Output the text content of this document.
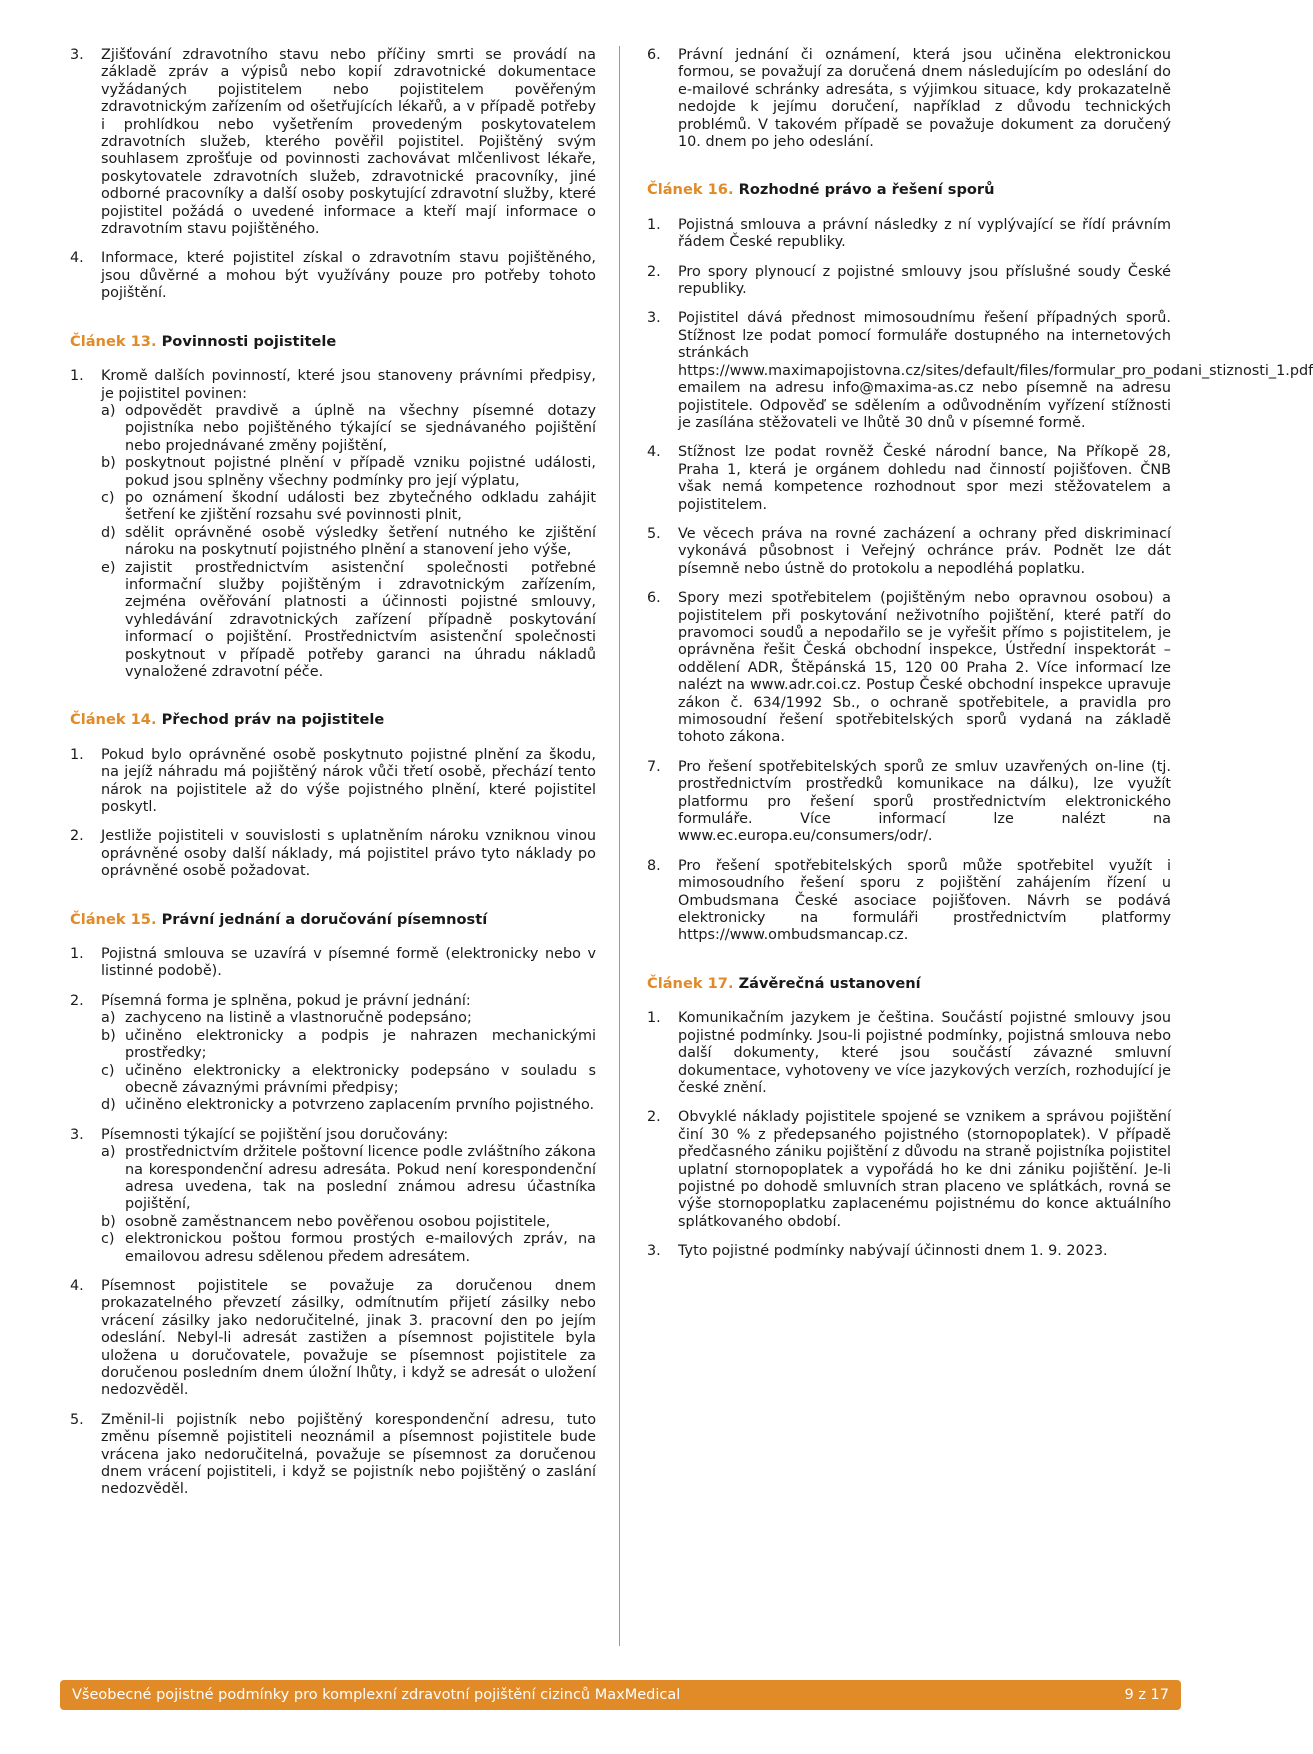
3. Zjišťování zdravotního stavu nebo příčiny smrti se provádí na základě zpráv a výpisů nebo kopií zdravotnické dokumentace vyžádaných pojistitelem nebo pojistitelem pověřeným zdravotnickým zařízením od ošetřujících lékařů, a v případě potřeby i prohlídkou nebo vyšetřením provedeným poskytovatelem zdravotních služeb, kterého pověřil pojistitel. Pojištěný svým souhlasem zprošťuje od povinnosti zachovávat mlčenlivost lékaře, poskytovatele zdravotních služeb, zdravotnické pracovníky, jiné odborné pracovníky a další osoby poskytující zdravotní služby, které pojistitel požádá o uvedené informace a kteří mají informace o zdravotním stavu pojištěného.
4. Informace, které pojistitel získal o zdravotním stavu pojištěného, jsou důvěrné a mohou být využívány pouze pro potřeby tohoto pojištění.
Článek 13. Povinnosti pojistitele
1. Kromě dalších povinností, které jsou stanoveny právními předpisy, je pojistitel povinen:
a) odpovědět pravdivě a úplně na všechny písemné dotazy pojistníka nebo pojištěného týkající se sjednávaného pojištění nebo projednávané změny pojištění,
b) poskytnout pojistné plnění v případě vzniku pojistné události, pokud jsou splněny všechny podmínky pro její výplatu,
c) po oznámení škodní události bez zbytečného odkladu zahájit šetření ke zjištění rozsahu své povinnosti plnit,
d) sdělit oprávněné osobě výsledky šetření nutného ke zjištění nároku na poskytnutí pojistného plnění a stanovení jeho výše,
e) zajistit prostřednictvím asistenční společnosti potřebné informační služby pojištěným i zdravotnickým zařízením, zejména ověřování platnosti a účinnosti pojistné smlouvy, vyhledávání zdravotnických zařízení případně poskytování informací o pojištění. Prostřednictvím asistenční společnosti poskytnout v případě potřeby garanci na úhradu nákladů vynaložené zdravotní péče.
Článek 14. Přechod práv na pojistitele
1. Pokud bylo oprávněné osobě poskytnuto pojistné plnění za škodu, na jejíž náhradu má pojištěný nárok vůči třetí osobě, přechází tento nárok na pojistitele až do výše pojistného plnění, které pojistitel poskytl.
2. Jestliže pojistiteli v souvislosti s uplatněním nároku vzniknou vinou oprávněné osoby další náklady, má pojistitel právo tyto náklady po oprávněné osobě požadovat.
Článek 15. Právní jednání a doručování písemností
1. Pojistná smlouva se uzavírá v písemné formě (elektronicky nebo v listinné podobě).
2. Písemná forma je splněna, pokud je právní jednání:
a) zachyceno na listině a vlastnoručně podepsáno;
b) učiněno elektronicky a podpis je nahrazen mechanickými prostředky;
c) učiněno elektronicky a elektronicky podepsáno v souladu s obecně závaznými právními předpisy;
d) učiněno elektronicky a potvrzeno zaplacením prvního pojistného.
3. Písemnosti týkající se pojištění jsou doručovány:
a) prostřednictvím držitele poštovní licence podle zvláštního zákona na korespondenční adresu adresáta. Pokud není korespondenční adresa uvedena, tak na poslední známou adresu účastníka pojištění,
b) osobně zaměstnancem nebo pověřenou osobou pojistitele,
c) elektronickou poštou formou prostých e-mailových zpráv, na emailovou adresu sdělenou předem adresátem.
4. Písemnost pojistitele se považuje za doručenou dnem prokazatelného převzetí zásilky, odmítnutím přijetí zásilky nebo vrácení zásilky jako nedoručitelné, jinak 3. pracovní den po jejím odeslání. Nebyl-li adresát zastižen a písemnost pojistitele byla uložena u doručovatele, považuje se písemnost pojistitele za doručenou posledním dnem úložní lhůty, i když se adresát o uložení nedozvěděl.
5. Změnil-li pojistník nebo pojištěný korespondenční adresu, tuto změnu písemně pojistiteli neoznámil a písemnost pojistitele bude vrácena jako nedoručitelná, považuje se písemnost za doručenou dnem vrácení pojistiteli, i když se pojistník nebo pojištěný o zaslání nedozvěděl.
6. Právní jednání či oznámení, která jsou učiněna elektronickou formou, se považují za doručená dnem následujícím po odeslání do e-mailové schránky adresáta, s výjimkou situace, kdy prokazatelně nedojde k jejímu doručení, například z důvodu technických problémů. V takovém případě se považuje dokument za doručený 10. dnem po jeho odeslání.
Článek 16. Rozhodné právo a řešení sporů
1. Pojistná smlouva a právní následky z ní vyplývající se řídí právním řádem České republiky.
2. Pro spory plynoucí z pojistné smlouvy jsou příslušné soudy České republiky.
3. Pojistitel dává přednost mimosoudnímu řešení případných sporů. Stížnost lze podat pomocí formuláře dostupného na internetových stránkách https://www.maximapojistovna.cz/sites/default/files/formular_pro_podani_stiznosti_1.pdf emailem na adresu info@maxima-as.cz nebo písemně na adresu pojistitele. Odpověď se sdělením a odůvodněním vyřízení stížnosti je zasílána stěžovateli ve lhůtě 30 dnů v písemné formě.
4. Stížnost lze podat rovněž České národní bance, Na Příkopě 28, Praha 1, která je orgánem dohledu nad činností pojišťoven. ČNB však nemá kompetence rozhodnout spor mezi stěžovatelem a pojistitelem.
5. Ve věcech práva na rovné zacházení a ochrany před diskriminací vykonává působnost i Veřejný ochránce práv. Podnět lze dát písemně nebo ústně do protokolu a nepodléhá poplatku.
6. Spory mezi spotřebitelem (pojištěným nebo opravnou osobou) a pojistitelem při poskytování neživotního pojištění, které patří do pravomoci soudů a nepodařilo se je vyřešit přímo s pojistitelem, je oprávněna řešit Česká obchodní inspekce, Ústřední inspektorát – oddělení ADR, Štěpánská 15, 120 00 Praha 2. Více informací lze nalézt na www.adr.coi.cz. Postup České obchodní inspekce upravuje zákon č. 634/1992 Sb., o ochraně spotřebitele, a pravidla pro mimosoudní řešení spotřebitelských sporů vydaná na základě tohoto zákona.
7. Pro řešení spotřebitelských sporů ze smluv uzavřených on-line (tj. prostřednictvím prostředků komunikace na dálku), lze využít platformu pro řešení sporů prostřednictvím elektronického formuláře. Více informací lze nalézt na www.ec.europa.eu/consumers/odr/.
8. Pro řešení spotřebitelských sporů může spotřebitel využít i mimosoudního řešení sporu z pojištění zahájením řízení u Ombudsmana České asociace pojišťoven. Návrh se podává elektronicky na formuláři prostřednictvím platformy https://www.ombudsmancap.cz.
Článek 17. Závěrečná ustanovení
1. Komunikačním jazykem je čeština. Součástí pojistné smlouvy jsou pojistné podmínky. Jsou-li pojistné podmínky, pojistná smlouva nebo další dokumenty, které jsou součástí závazné smluvní dokumentace, vyhotoveny ve více jazykových verzích, rozhodující je české znění.
2. Obvyklé náklady pojistitele spojené se vznikem a správou pojištění činí 30 % z předepsaného pojistného (stornopoplatek). V případě předčasného zániku pojištění z důvodu na straně pojistníka pojistitel uplatní stornopoplatek a vypořádá ho ke dni zániku pojištění. Je-li pojistné po dohodě smluvních stran placeno ve splátkách, rovná se výše stornopoplatku zaplacenému pojistnému do konce aktuálního splátkovaného období.
3. Tyto pojistné podmínky nabývají účinnosti dnem 1. 9. 2023.
Všeobecné pojistné podmínky pro komplexní zdravotní pojištění cizinců MaxMedical	9 z 17
